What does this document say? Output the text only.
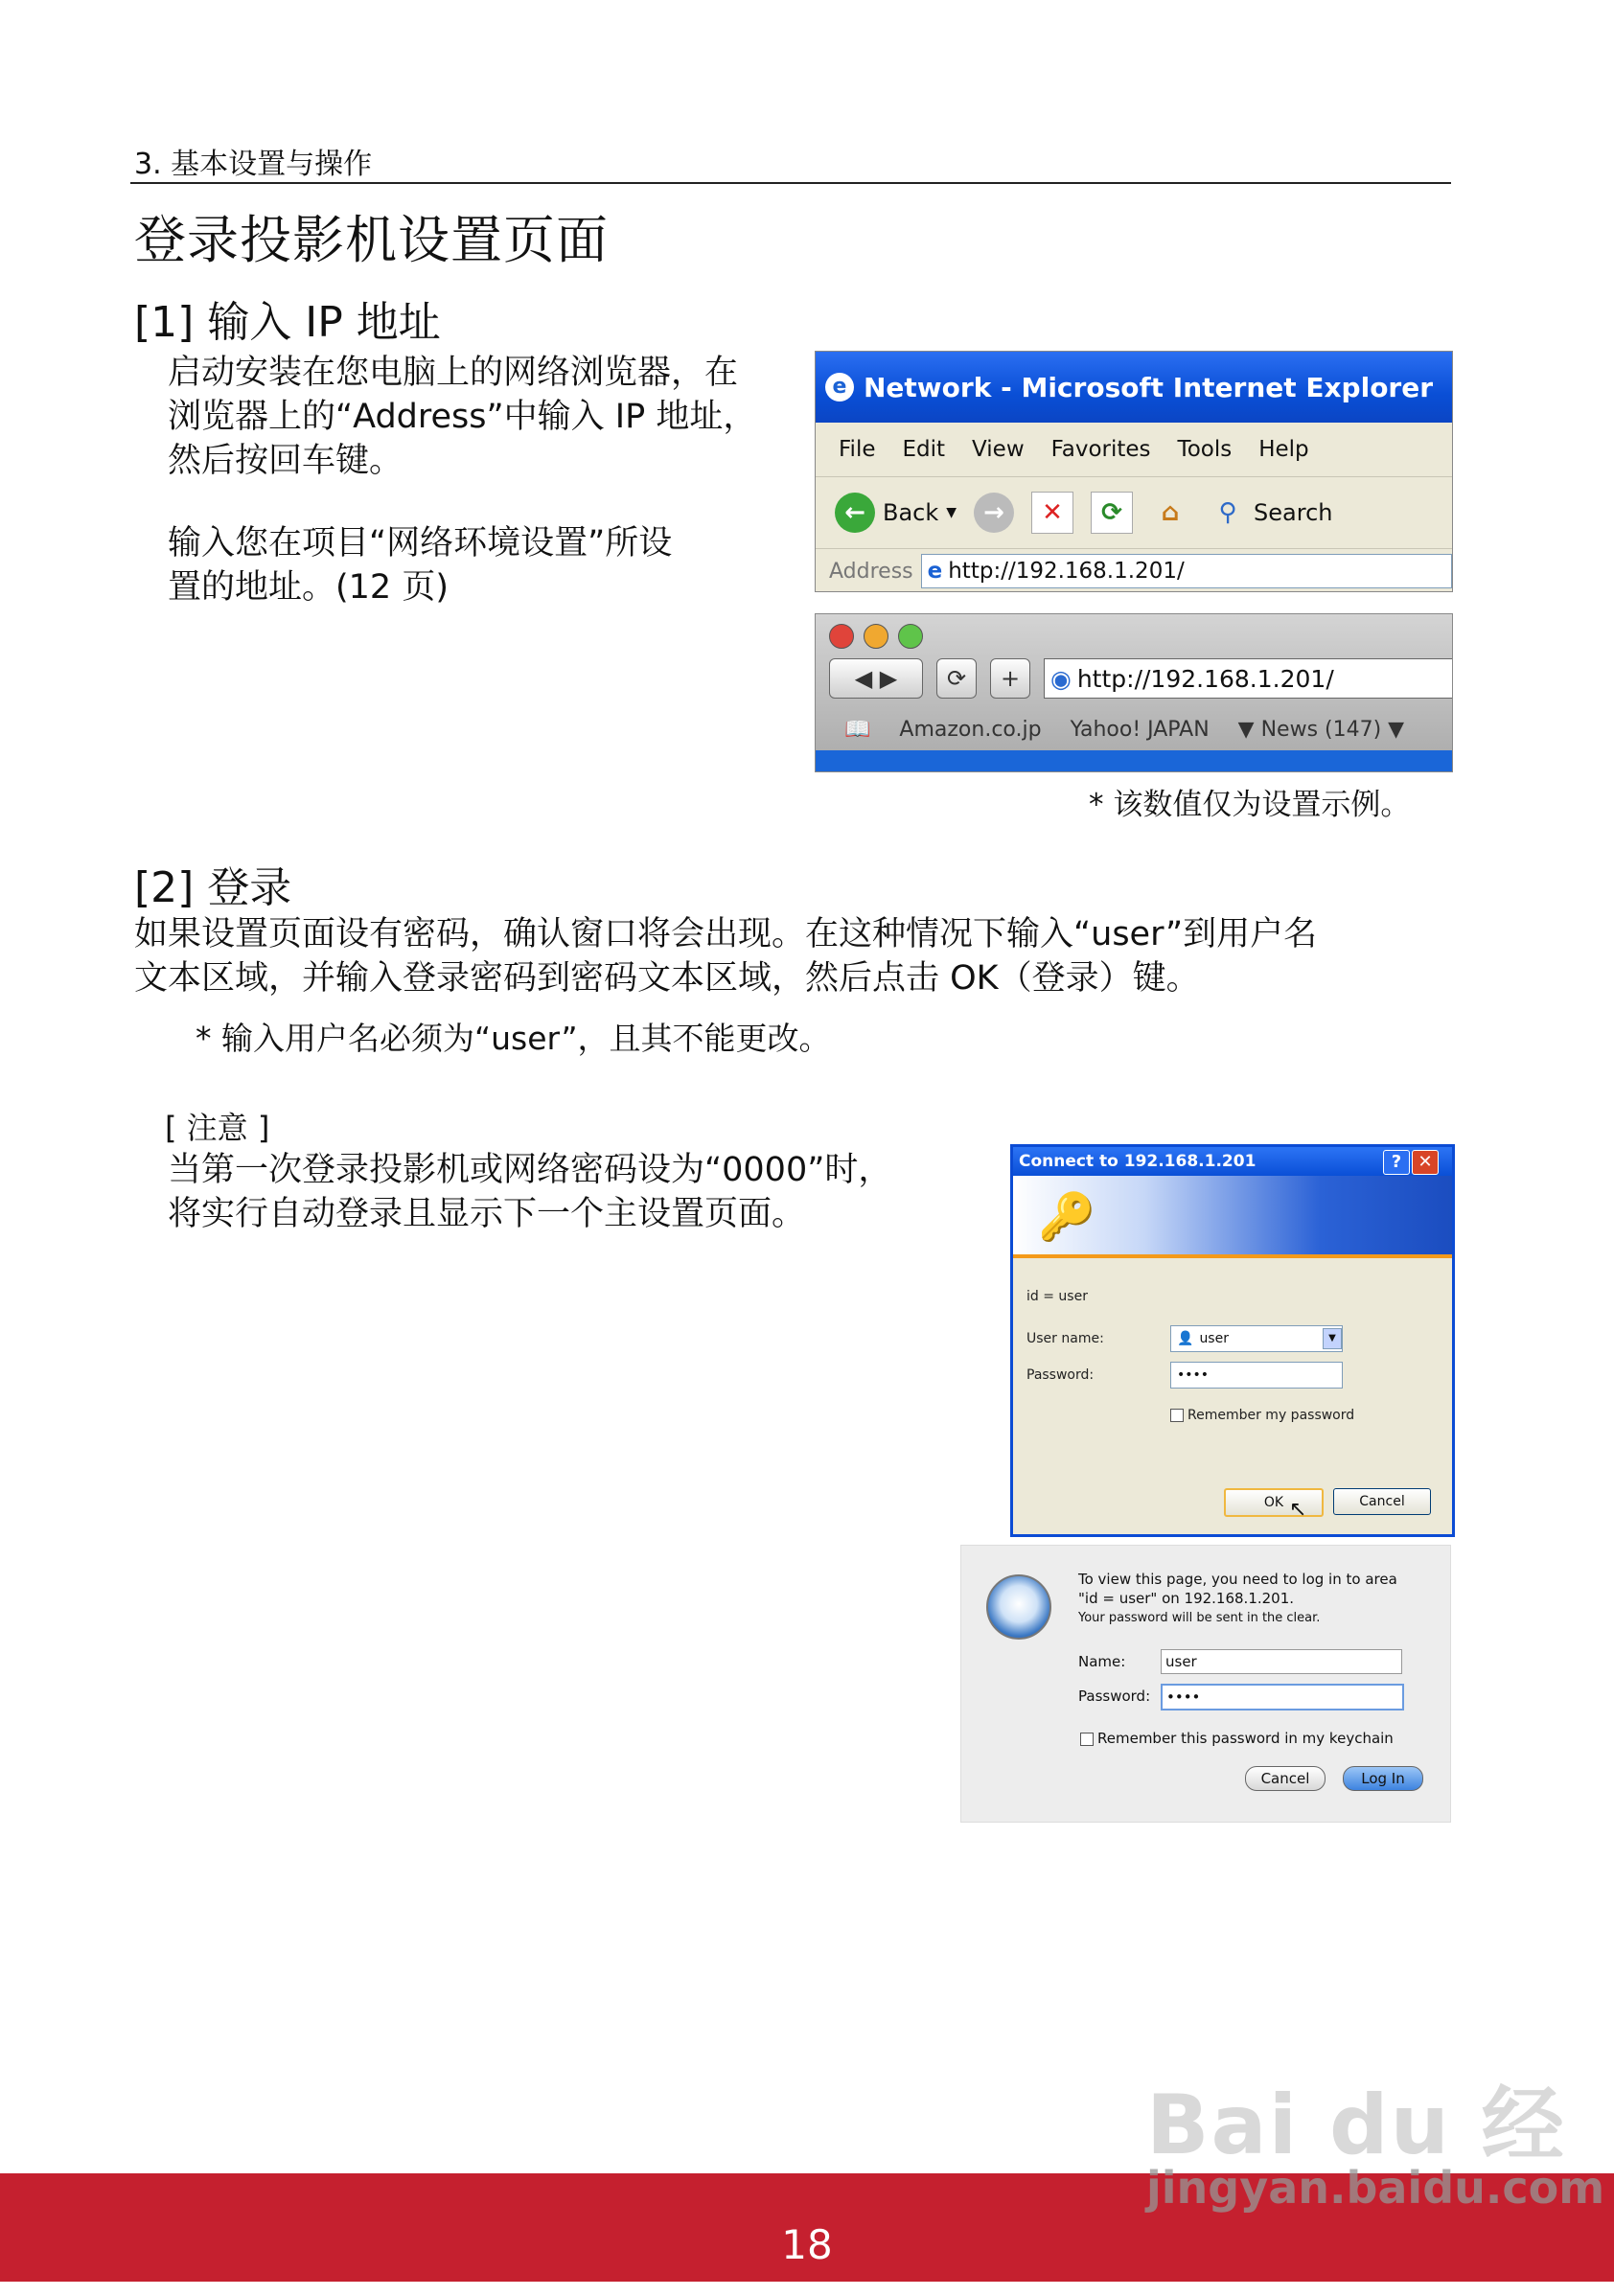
3. 基本设置与操作
登录投影机设置页面
[1] 输入 IP 地址
启动安装在您电脑上的网络浏览器，在
浏览器上的“Address”中输入 IP 地址，
然后按回车键。
输入您在项目“网络环境设置”所设
置的地址。(12 页)
e Network - Microsoft Internet Explorer
File Edit View Favorites Tools Help
← Back ▼	→	✕	⟳	⌂	⚲ Search
Address e http://192.168.1.201/
◀ ▶	⟳	+	◉ http://192.168.1.201/
📖 Amazon.co.jp Yahoo! JAPAN ▼ News (147) ▼
* 该数值仅为设置示例。
[2] 登录
如果设置页面设有密码，确认窗口将会出现。在这种情况下输入“user”到用户名
文本区域，并输入登录密码到密码文本区域，然后点击 OK（登录）键。
* 输入用户名必须为“user”，且其不能更改。
[ 注意 ]
当第一次登录投影机或网络密码设为“0000”时，
将实行自动登录且显示下一个主设置页面。
Connect to 192.168.1.201	? ✕
🔑
id = user
User name:	👤 user	▼
Password:	••••
Remember my password
OK	Cancel
↖
To view this page, you need to log in to area
"id = user" on 192.168.1.201.
Your password will be sent in the clear.
Name:	user
Password: ••••
Remember this password in my keychain
Cancel	Log In
Bai du 经
18
jingyan.baidu.com
